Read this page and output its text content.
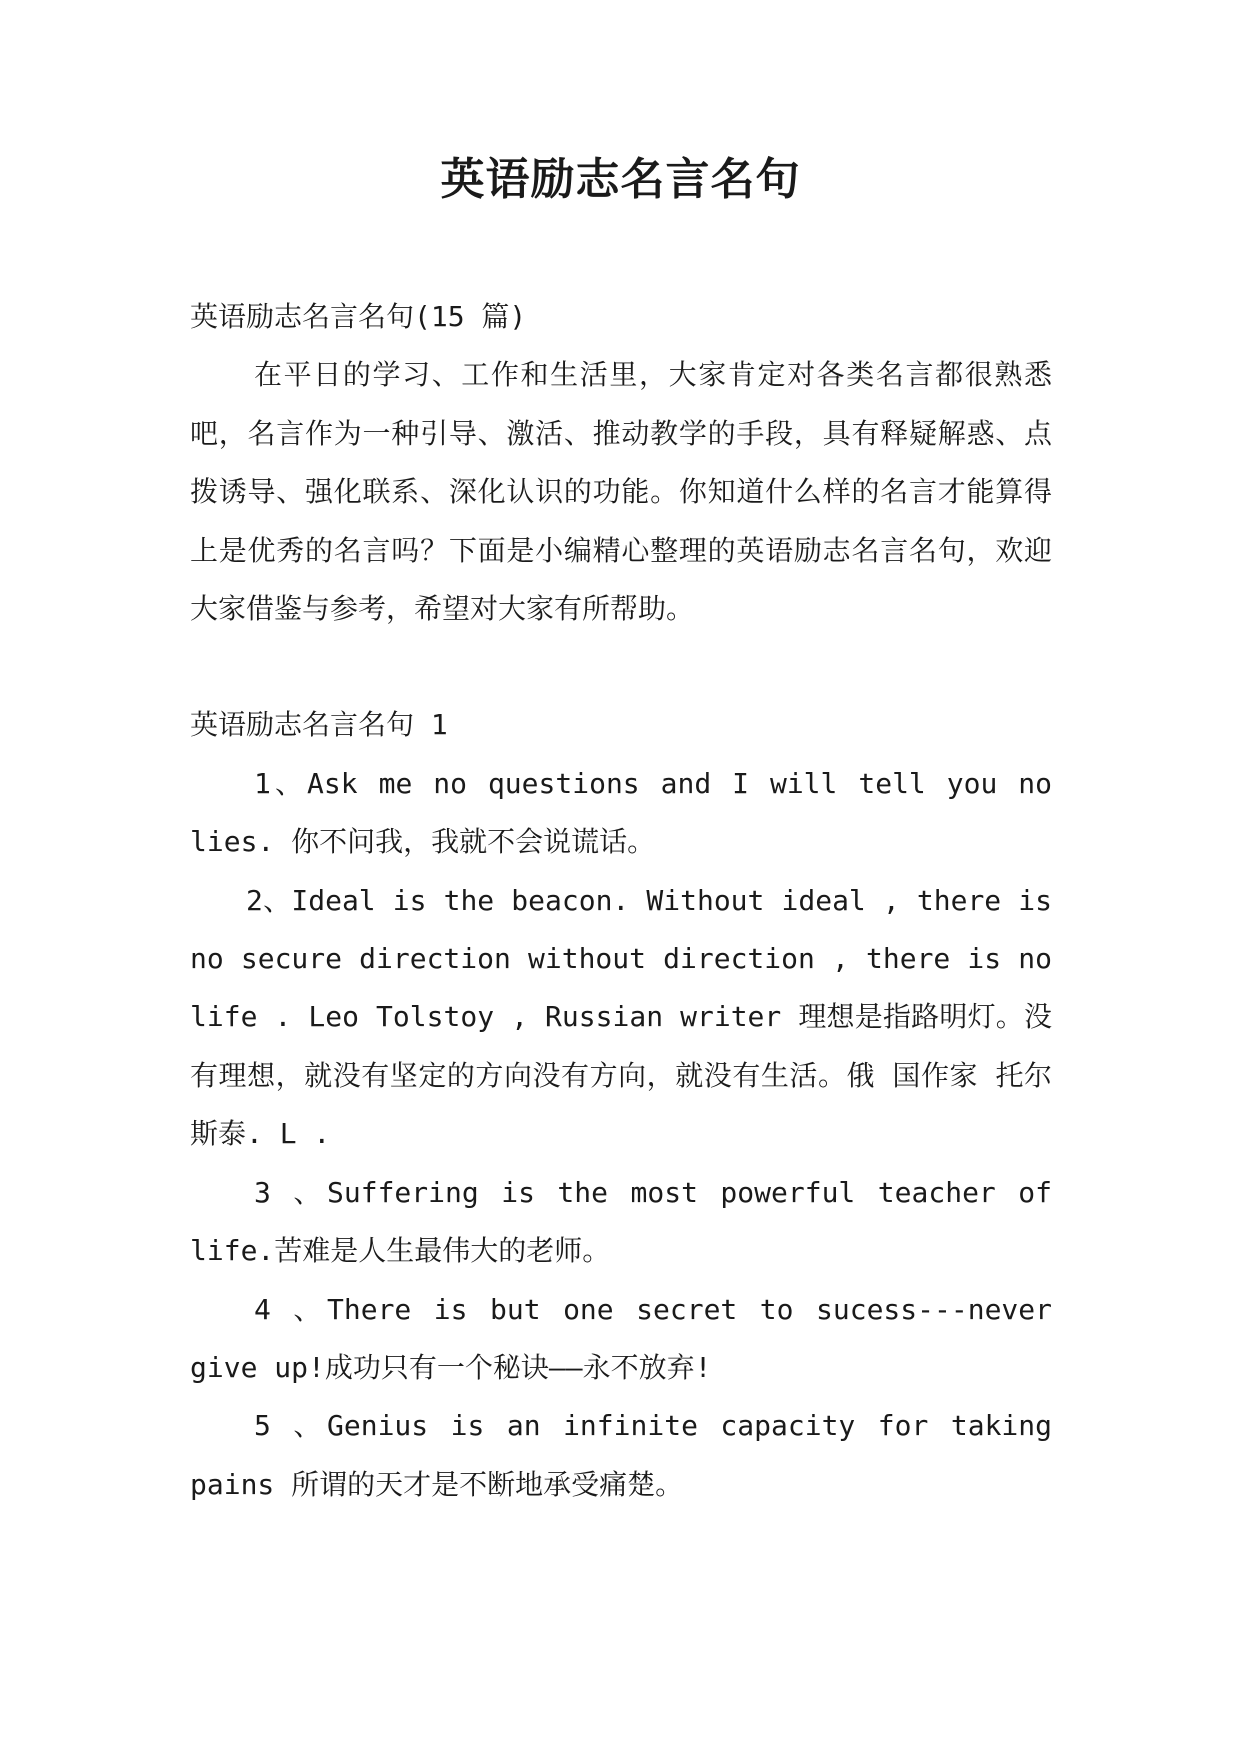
英语励志名言名句

英语励志名言名句(15 篇)

在平日的学习、工作和生活里，大家肯定对各类名言都很熟悉吧，名言作为一种引导、激活、推动教学的手段，具有释疑解惑、点拨诱导、强化联系、深化认识的功能。你知道什么样的名言才能算得上是优秀的名言吗？下面是小编精心整理的英语励志名言名句，欢迎大家借鉴与参考，希望对大家有所帮助。

英语励志名言名句 1

1、Ask me no questions and I will tell you no lies. 你不问我，我就不会说谎话。

2、Ideal is the beacon. Without ideal , there is no secure direction without direction , there is no life . Leo Tolstoy , Russian writer 理想是指路明灯。没有理想，就没有坚定的方向没有方向，就没有生活。俄 国作家 托尔斯泰. L .

3 、Suffering is the most powerful teacher of life.苦难是人生最伟大的老师。

4 、There is but one secret to sucess---never give up!成功只有一个秘诀——永不放弃!

5 、Genius is an infinite capacity for taking pains 所谓的天才是不断地承受痛楚。
